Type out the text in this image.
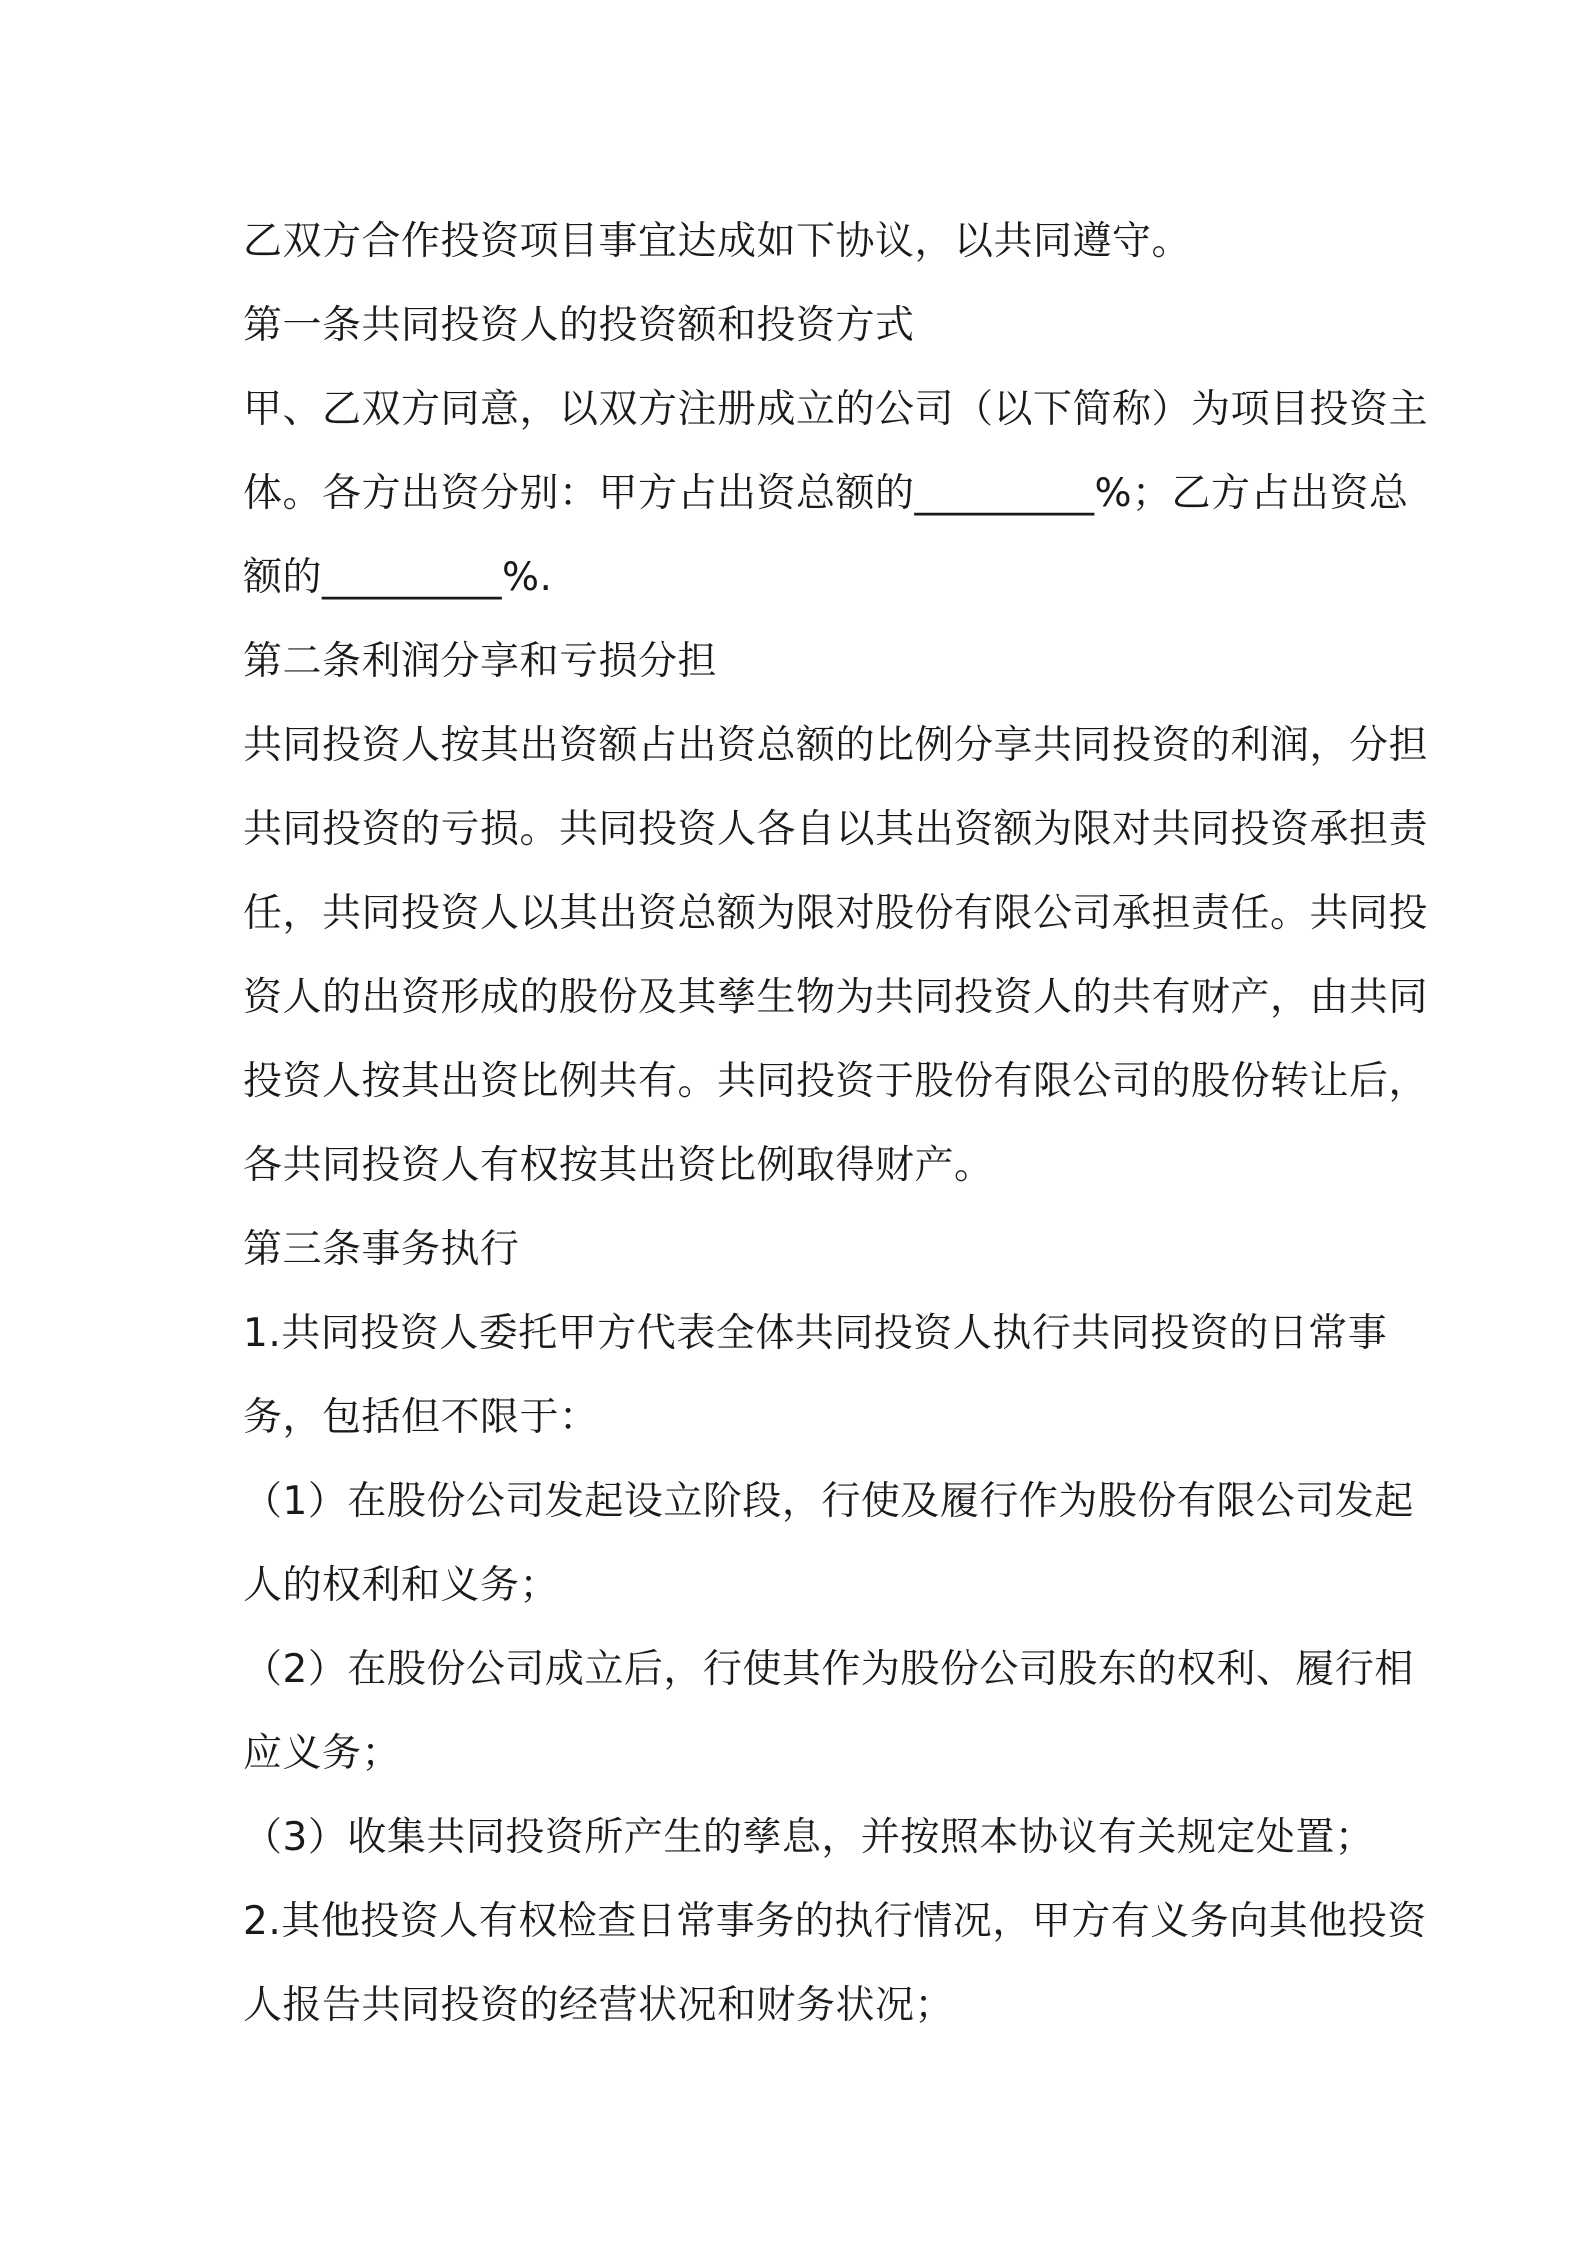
乙双方合作投资项目事宜达成如下协议，以共同遵守。
第一条共同投资人的投资额和投资方式
甲、乙双方同意，以双方注册成立的公司（以下简称）为项目投资主
体。各方出资分别：甲方占出资总额的_________%；乙方占出资总
额的_________%.
第二条利润分享和亏损分担
共同投资人按其出资额占出资总额的比例分享共同投资的利润，分担
共同投资的亏损。共同投资人各自以其出资额为限对共同投资承担责
任，共同投资人以其出资总额为限对股份有限公司承担责任。共同投
资人的出资形成的股份及其孳生物为共同投资人的共有财产，由共同
投资人按其出资比例共有。共同投资于股份有限公司的股份转让后，
各共同投资人有权按其出资比例取得财产。
第三条事务执行
1.共同投资人委托甲方代表全体共同投资人执行共同投资的日常事
务，包括但不限于：
（1）在股份公司发起设立阶段，行使及履行作为股份有限公司发起
人的权利和义务；
（2）在股份公司成立后，行使其作为股份公司股东的权利、履行相
应义务；
（3）收集共同投资所产生的孳息，并按照本协议有关规定处置；
2.其他投资人有权检查日常事务的执行情况，甲方有义务向其他投资
人报告共同投资的经营状况和财务状况；
